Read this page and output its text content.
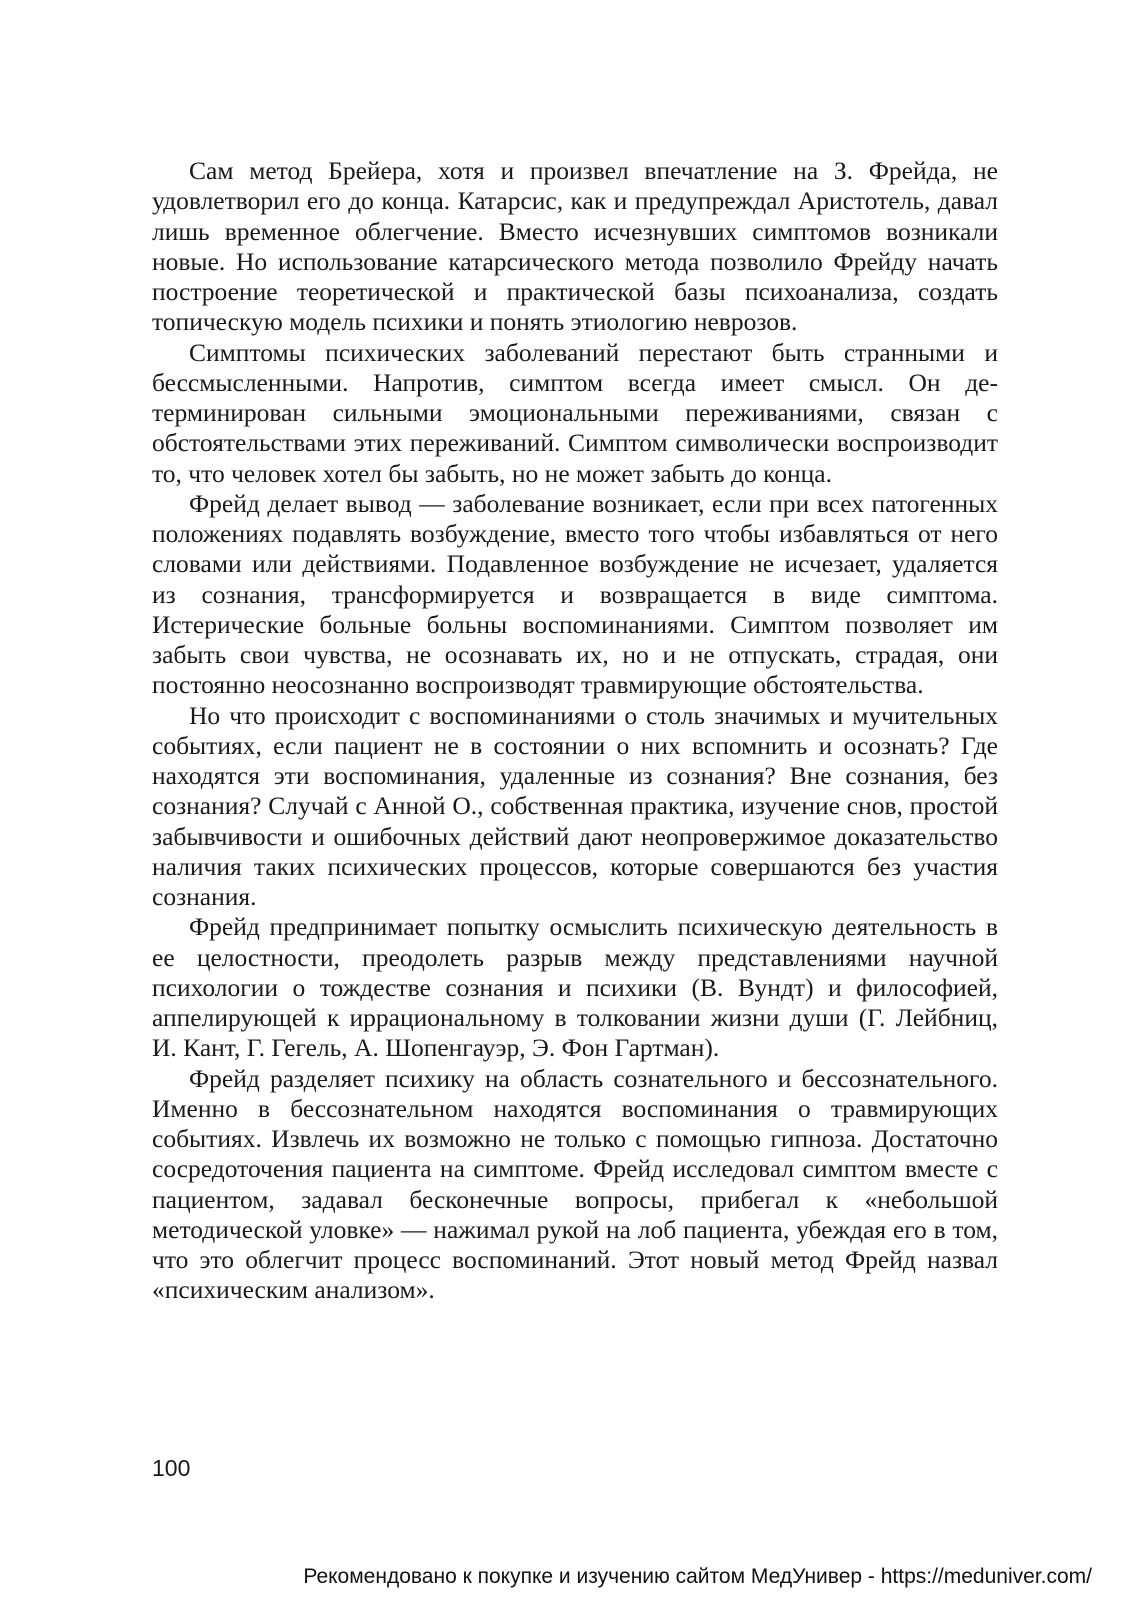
Сам метод Брейера, хотя и произвел впечатление на З. Фрейда, не удовлетворил его до конца. Катарсис, как и предупреждал Аристотель, давал лишь временное облегчение. Вместо исчезнувших симптомов возникали новые. Но использование катарсического метода позволило Фрейду начать построение теоретической и практической базы психоанализа, создать топическую модель психики и понять этиологию неврозов.

Симптомы психических заболеваний перестают быть странными и бессмысленными. Напротив, симптом всегда имеет смысл. Он детерминирован сильными эмоциональными переживаниями, связан с обстоятельствами этих переживаний. Симптом символически воспроизводит то, что человек хотел бы забыть, но не может забыть до конца.

Фрейд делает вывод — заболевание возникает, если при всех патогенных положениях подавлять возбуждение, вместо того чтобы избавляться от него словами или действиями. Подавленное возбуждение не исчезает, удаляется из сознания, трансформируется и возвращается в виде симптома. Истерические больные больны воспоминаниями. Симптом позволяет им забыть свои чувства, не осознавать их, но и не отпускать, страдая, они постоянно неосознанно воспроизводят травмирующие обстоятельства.

Но что происходит с воспоминаниями о столь значимых и мучительных событиях, если пациент не в состоянии о них вспомнить и осознать? Где находятся эти воспоминания, удаленные из сознания? Вне сознания, без сознания? Случай с Анной О., собственная практика, изучение снов, простой забывчивости и ошибочных действий дают неопровержимое доказательство наличия таких психических процессов, которые совершаются без участия сознания.

Фрейд предпринимает попытку осмыслить психическую деятельность в ее целостности, преодолеть разрыв между представлениями научной психологии о тождестве сознания и психики (В. Вундт) и философией, аппелирующей к иррациональному в толковании жизни души (Г. Лейбниц, И. Кант, Г. Гегель, А. Шопенгауэр, Э. Фон Гартман).

Фрейд разделяет психику на область сознательного и бессознательного. Именно в бессознательном находятся воспоминания о травмирующих событиях. Извлечь их возможно не только с помощью гипноза. Достаточно сосредоточения пациента на симптоме. Фрейд исследовал симптом вместе с пациентом, задавал бесконечные вопросы, прибегал к «небольшой методической уловке» — нажимал рукой на лоб пациента, убеждая его в том, что это облегчит процесс воспоминаний. Этот новый метод Фрейд назвал «психическим анализом».

100
Рекомендовано к покупке и изучению сайтом МедУнивер - https://meduniver.com/
